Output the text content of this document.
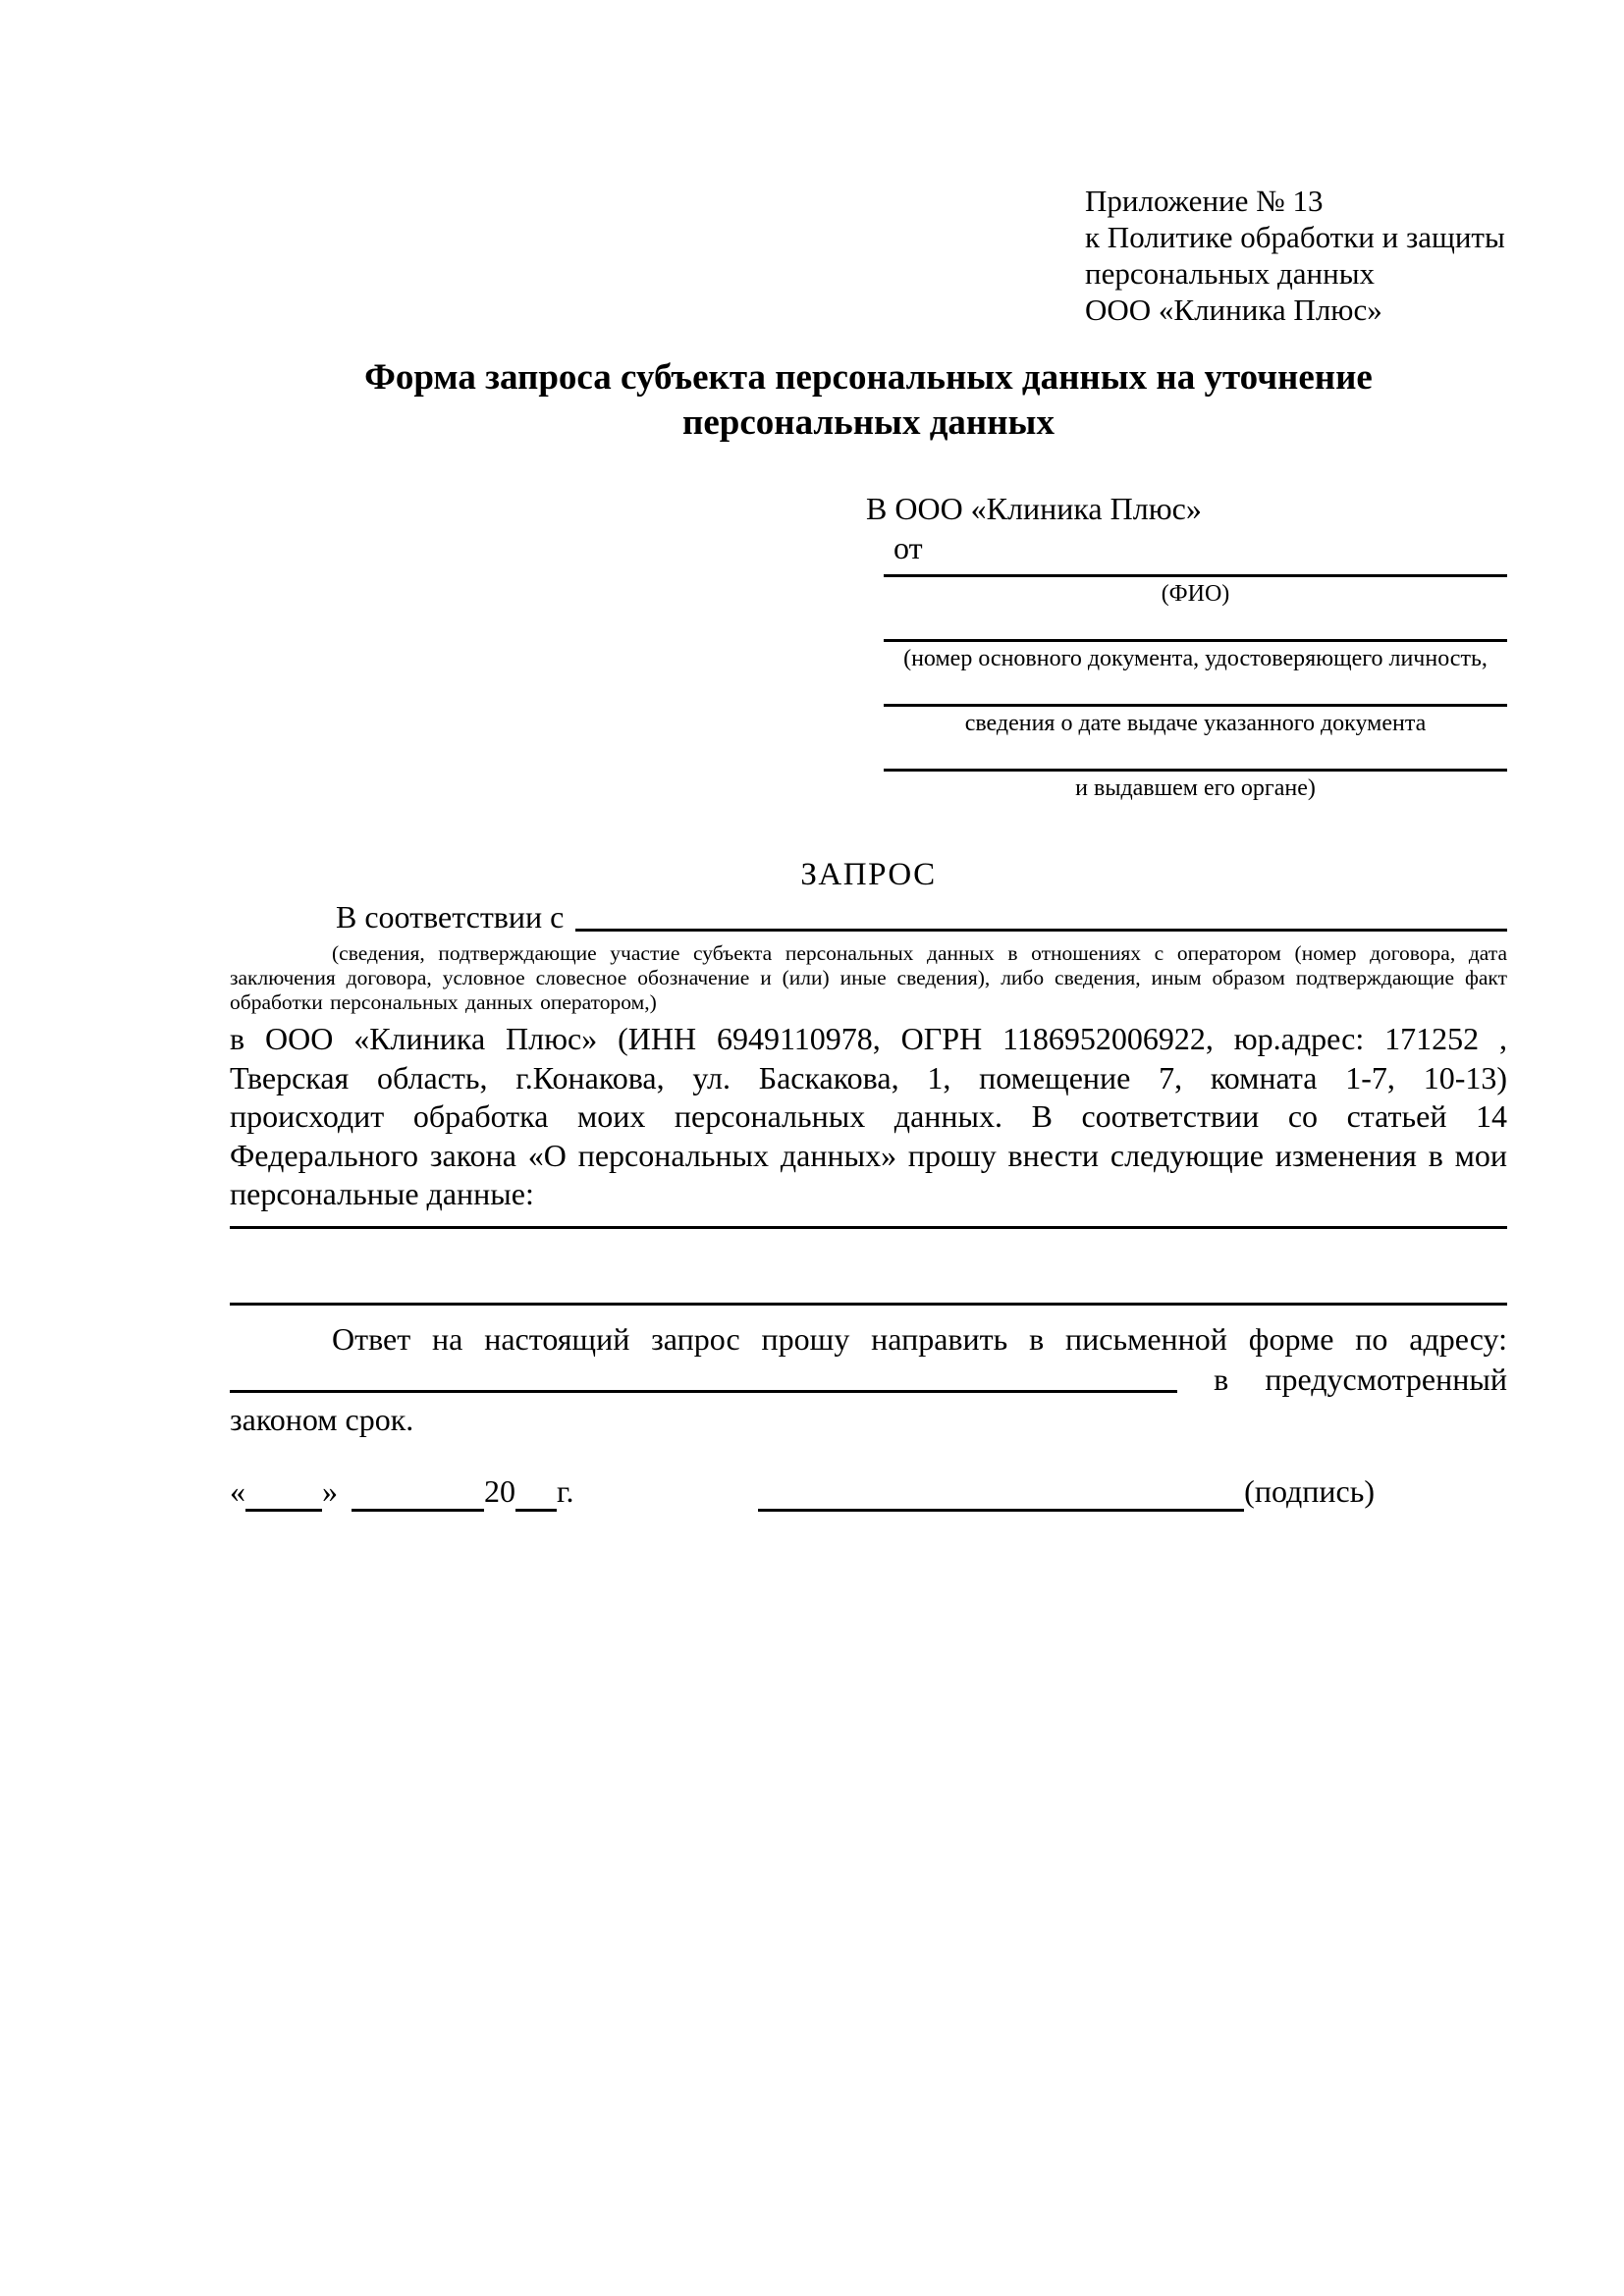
Приложение № 13
к Политике обработки и защиты
персональных данных
ООО «Клиника Плюс»
Форма запроса субъекта персональных данных на уточнение
персональных данных
В ООО «Клиника Плюс»
от
(ФИО)
(номер основного документа, удостоверяющего личность,
сведения о дате выдаче указанного документа
и выдавшем его органе)
ЗАПРОС
В соответствии с
(сведения, подтверждающие участие субъекта персональных данных в отношениях с оператором (номер договора, дата
заключения договора, условное словесное обозначение и (или) иные сведения), либо сведения, иным образом подтверждающие факт
обработки персональных данных оператором,)
в ООО «Клиника Плюс» (ИНН 6949110978, ОГРН 1186952006922, юр.адрес: 171252 ,
Тверская область, г.Конакова, ул. Баскакова, 1, помещение 7, комната 1-7, 10-13)
происходит обработка моих персональных данных. В соответствии со статьей 14
Федерального закона «О персональных данных» прошу внести следующие изменения в мои
персональные данные:
Ответ на настоящий запрос прошу направить в письменной форме по адресу:
в предусмотренный
законом срок.
« »	20 г.	(подпись)
